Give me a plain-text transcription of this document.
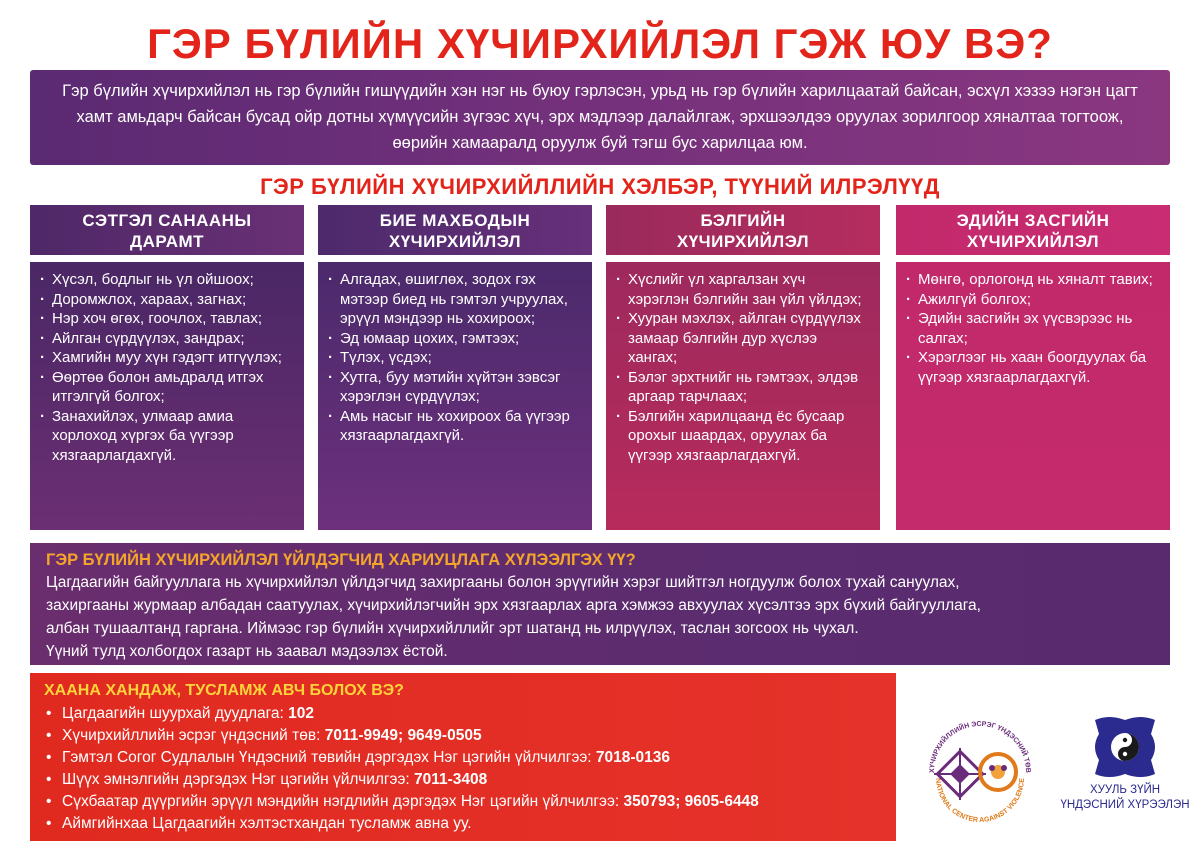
ГЭР БҮЛИЙН ХҮЧИРХИЙЛЭЛ ГЭЖ ЮУ ВЭ?

Гэр бүлийн хүчирхийлэл нь гэр бүлийн гишүүдийн хэн нэг нь буюу гэрлэсэн, урьд нь гэр бүлийн харилцаатай байсан, эсхүл хэзээ нэгэн цагт хамт амьдарч байсан бусад ойр дотны хүмүүсийн зүгээс хүч, эрх мэдлээр далайлгаж, эрхшээлдээ оруулах зорилгоор хяналтаа тогтоож, өөрийн хамааралд оруулж буй тэгш бус харилцаа юм.

ГЭР БҮЛИЙН ХҮЧИРХИЙЛЛИЙН ХЭЛБЭР, ТҮҮНИЙ ИЛРЭЛҮҮД
СЭТГЭЛ САНААНЫ
ДАРАМТ
· Хүсэл, бодлыг нь үл ойшоох;
· Доромжлох, хараах, загнах;
· Нэр хоч өгөх, гоочлох, тавлах;
· Айлган сүрдүүлэх, зандрах;
· Хамгийн муу хүн гэдэгт итгүүлэх;
· Өөртөө болон амьдралд итгэх итгэлгүй болгох;
· Занахийлэх, улмаар амиа хорлоход хүргэх ба үүгээр хязгаарлагдахгүй.
БИЕ МАХБОДЫН
ХҮЧИРХИЙЛЭЛ
· Алгадах, өшиглөх, зодох гэх мэтээр биед нь гэмтэл учруулах, эрүүл мэндээр нь хохироох;
· Эд юмаар цохих, гэмтээх;
· Түлэх, үсдэх;
· Хутга, буу мэтийн хүйтэн зэвсэг хэрэглэн сүрдүүлэх;
· Амь насыг нь хохироох ба үүгээр хязгаарлагдахгүй.
БЭЛГИЙН
ХҮЧИРХИЙЛЭЛ
· Хүслийг үл харгалзан хүч хэрэглэн бэлгийн зан үйл үйлдэх;
· Хууран мэхлэх, айлган сүрдүүлэх замаар бэлгийн дур хүслээ хангах;
· Бэлэг эрхтнийг нь гэмтээх, элдэв аргаар тарчлаах;
· Бэлгийн харилцаанд ёс бусаар орохыг шаардах, оруулах ба үүгээр хязгаарлагдахгүй.
ЭДИЙН ЗАСГИЙН
ХҮЧИРХИЙЛЭЛ
· Мөнгө, орлогонд нь хяналт тавих;
· Ажилгүй болгох;
· Эдийн засгийн эх үүсвэрээс нь салгах;
· Хэрэглээг нь хаан боогдуулах ба үүгээр хязгаарлагдахгүй.
ГЭР БҮЛИЙН ХҮЧИРХИЙЛЭЛ ҮЙЛДЭГЧИД ХАРИУЦЛАГА ХҮЛЭЭЛГЭХ ҮҮ?
Цагдаагийн байгууллага нь хүчирхийлэл үйлдэгчид захиргааны болон эрүүгийн хэрэг шийтгэл ногдуулж болох тухай сануулах,
захиргааны журмаар албадан саатуулах, хүчирхийлэгчийн эрх хязгаарлах арга хэмжээ авхуулах хүсэлтээ эрх бүхий байгууллага,
албан тушаалтанд гаргана. Иймээс гэр бүлийн хүчирхийллийг эрт шатанд нь илрүүлэх, таслан зогсоох нь чухал.
Үүний тулд холбогдох газарт нь заавал мэдээлэх ёстой.
ХААНА ХАНДАЖ, ТУСЛАМЖ АВЧ БОЛОХ ВЭ?
• Цагдаагийн шуурхай дуудлага: 102
• Хүчирхийллийн эсрэг үндэсний төв: 7011-9949; 9649-0505
• Гэмтэл Согог Судлалын Үндэсний төвийн дэргэдэх Нэг цэгийн үйлчилгээ: 7018-0136
• Шүүх эмнэлгийн дэргэдэх Нэг цэгийн үйлчилгээ: 7011-3408
• Сүхбаатар дүүргийн эрүүл мэндийн нэгдлийн дэргэдэх Нэг цэгийн үйлчилгээ: 350793; 9605-6448
• Аймгийнхаа Цагдаагийн хэлтэстхандан тусламж авна уу.
ХҮЧИРХИЙЛЛИЙН ЭСРЭГ ҮНДЭСНИЙ ТӨВ
NATIONAL CENTER AGAINST VIOLENCE
ХУУЛЬ ЗҮЙН
ҮНДЭСНИЙ ХҮРЭЭЛЭН
